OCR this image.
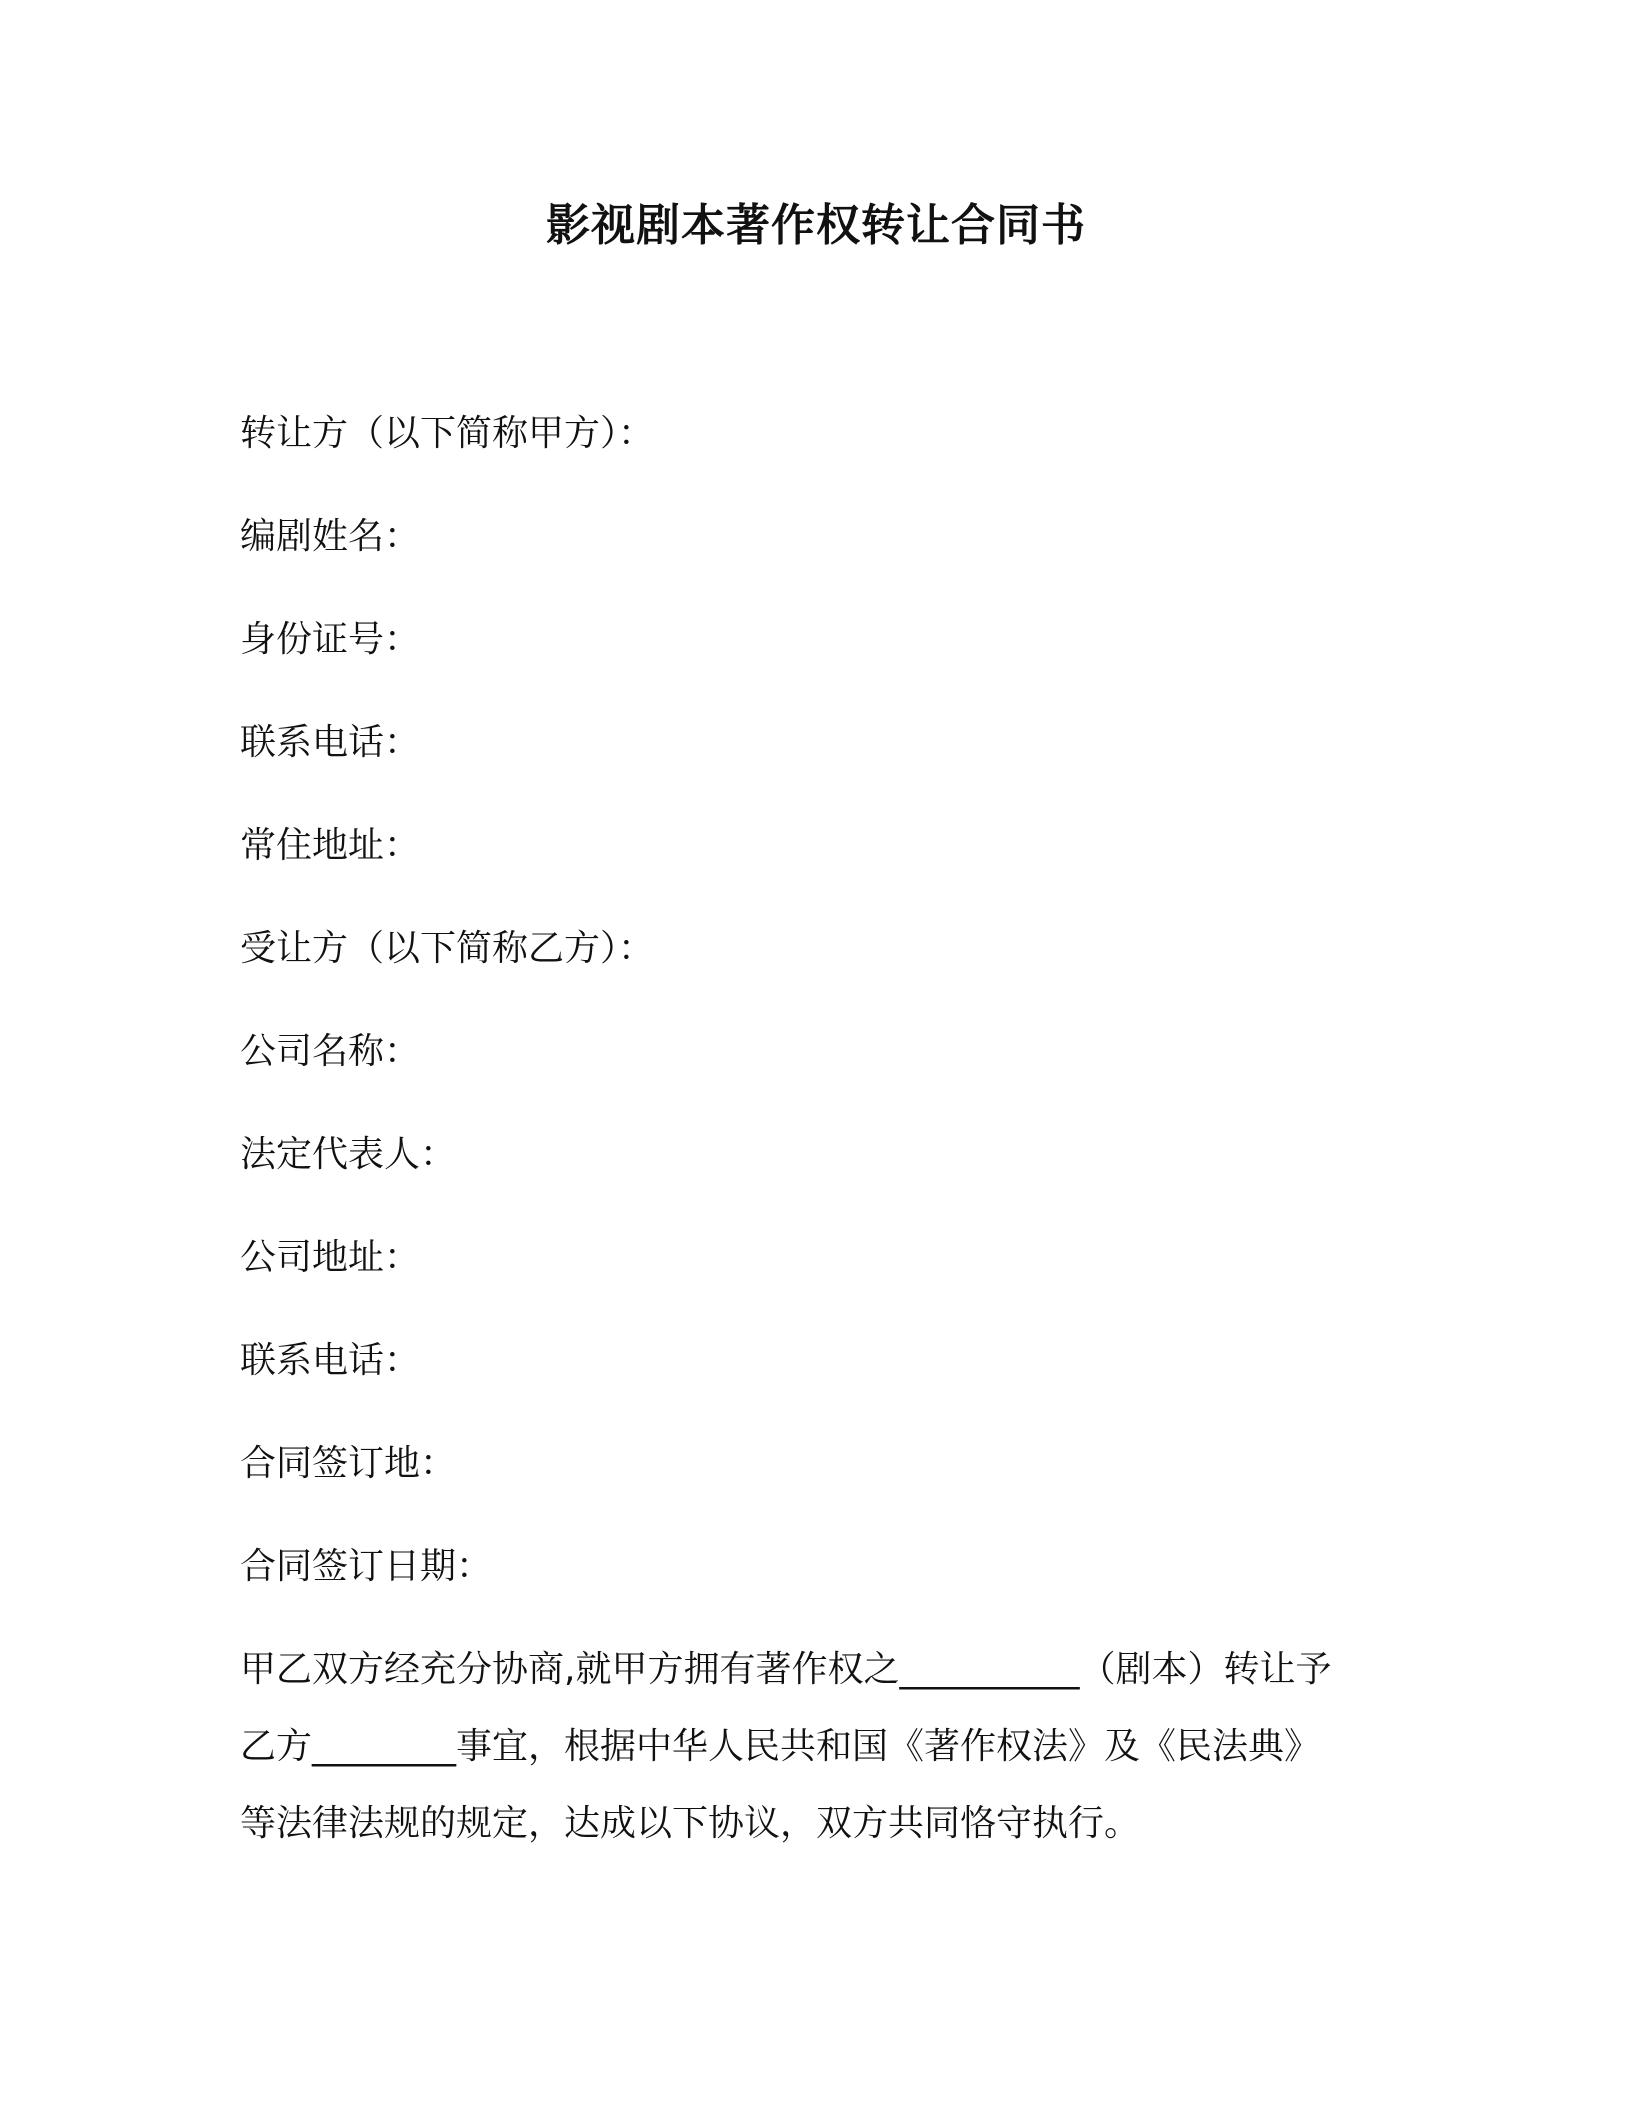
影视剧本著作权转让合同书
转让方（以下简称甲方）：
编剧姓名：
身份证号：
联系电话：
常住地址：
受让方（以下简称乙方）：
公司名称：
法定代表人：
公司地址：
联系电话：
合同签订地：
合同签订日期：
甲乙双方经充分协商,就甲方拥有著作权之__________（剧本）转让予
乙方________事宜，根据中华人民共和国《著作权法》及《民法典》
等法律法规的规定，达成以下协议，双方共同恪守执行。
